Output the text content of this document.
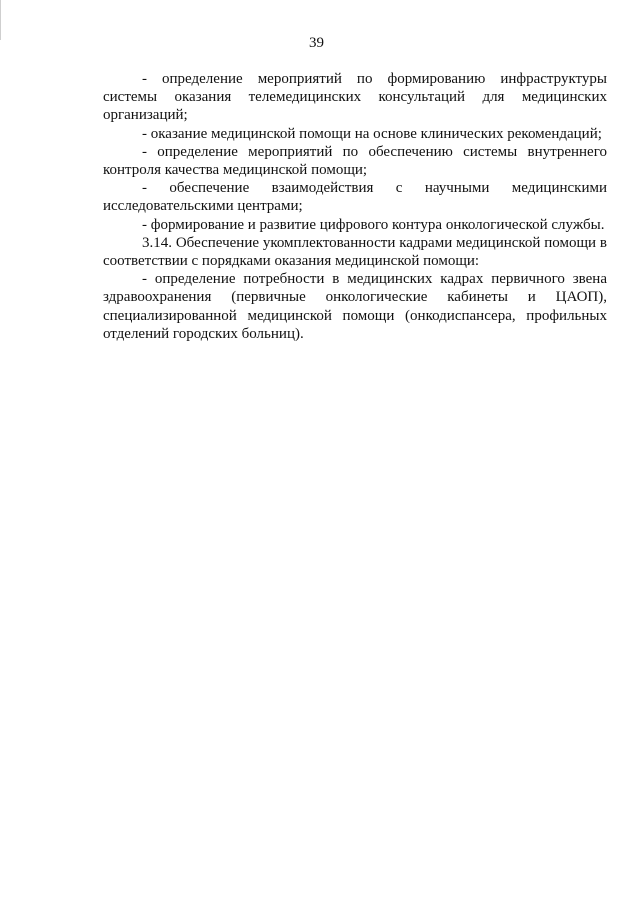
39

- определение мероприятий по формированию инфраструктуры системы оказания телемедицинских консультаций для медицинских организаций;

- оказание медицинской помощи на основе клинических рекомендаций;

- определение мероприятий по обеспечению системы внутреннего контроля качества медицинской помощи;

- обеспечение взаимодействия с научными медицинскими исследовательскими центрами;

- формирование и развитие цифрового контура онкологической службы.

3.14. Обеспечение укомплектованности кадрами медицинской помощи в соответствии с порядками оказания медицинской помощи:

- определение потребности в медицинских кадрах первичного звена здравоохранения (первичные онкологические кабинеты и ЦАОП), специализированной медицинской помощи (онкодиспансера, профильных отделений городских больниц).
